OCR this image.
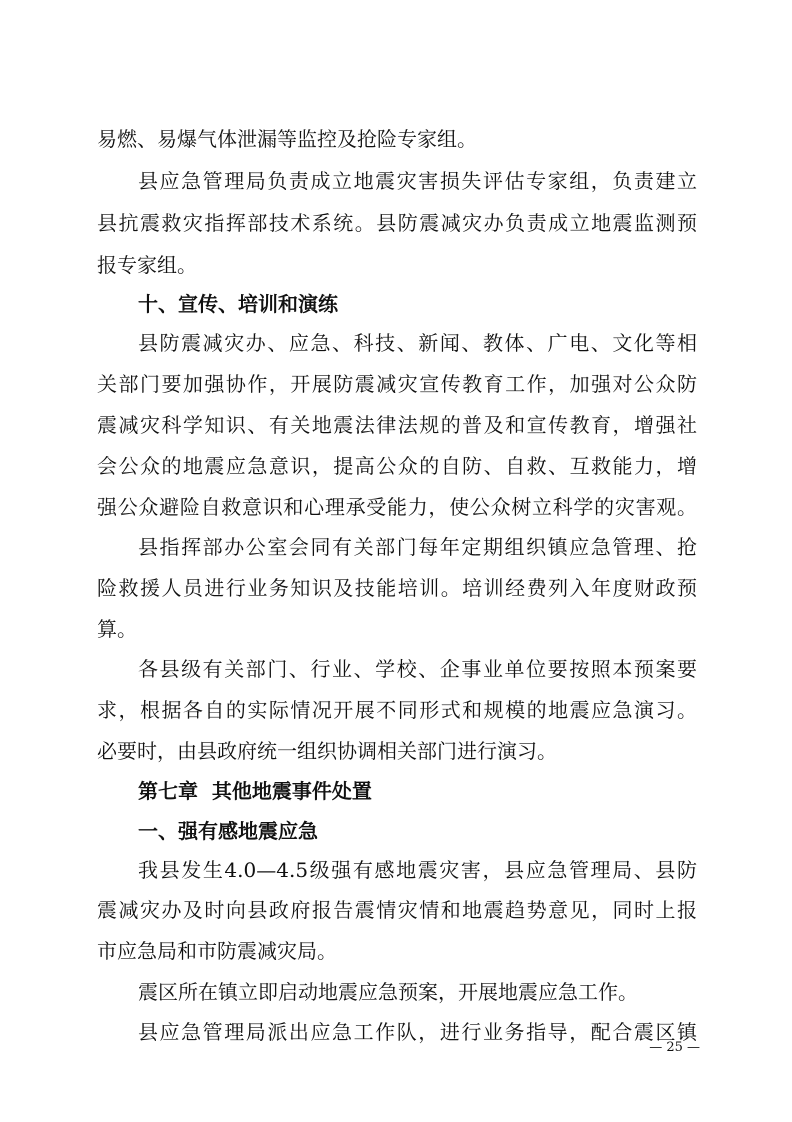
易燃、易爆气体泄漏等监控及抢险专家组。
县应急管理局负责成立地震灾害损失评估专家组，负责建立
县抗震救灾指挥部技术系统。县防震减灾办负责成立地震监测预
报专家组。
十、宣传、培训和演练
县防震减灾办、应急、科技、新闻、教体、广电、文化等相
关部门要加强协作，开展防震减灾宣传教育工作，加强对公众防
震减灾科学知识、有关地震法律法规的普及和宣传教育，增强社
会公众的地震应急意识，提高公众的自防、自救、互救能力，增
强公众避险自救意识和心理承受能力，使公众树立科学的灾害观。
县指挥部办公室会同有关部门每年定期组织镇应急管理、抢
险救援人员进行业务知识及技能培训。培训经费列入年度财政预
算。
各县级有关部门、行业、学校、企事业单位要按照本预案要
求，根据各自的实际情况开展不同形式和规模的地震应急演习。
必要时，由县政府统一组织协调相关部门进行演习。
第七章  其他地震事件处置
一、强有感地震应急
我县发生4.0—4.5级强有感地震灾害，县应急管理局、县防
震减灾办及时向县政府报告震情灾情和地震趋势意见，同时上报
市应急局和市防震减灾局。
震区所在镇立即启动地震应急预案，开展地震应急工作。
县应急管理局派出应急工作队，进行业务指导，配合震区镇
— 25 —
